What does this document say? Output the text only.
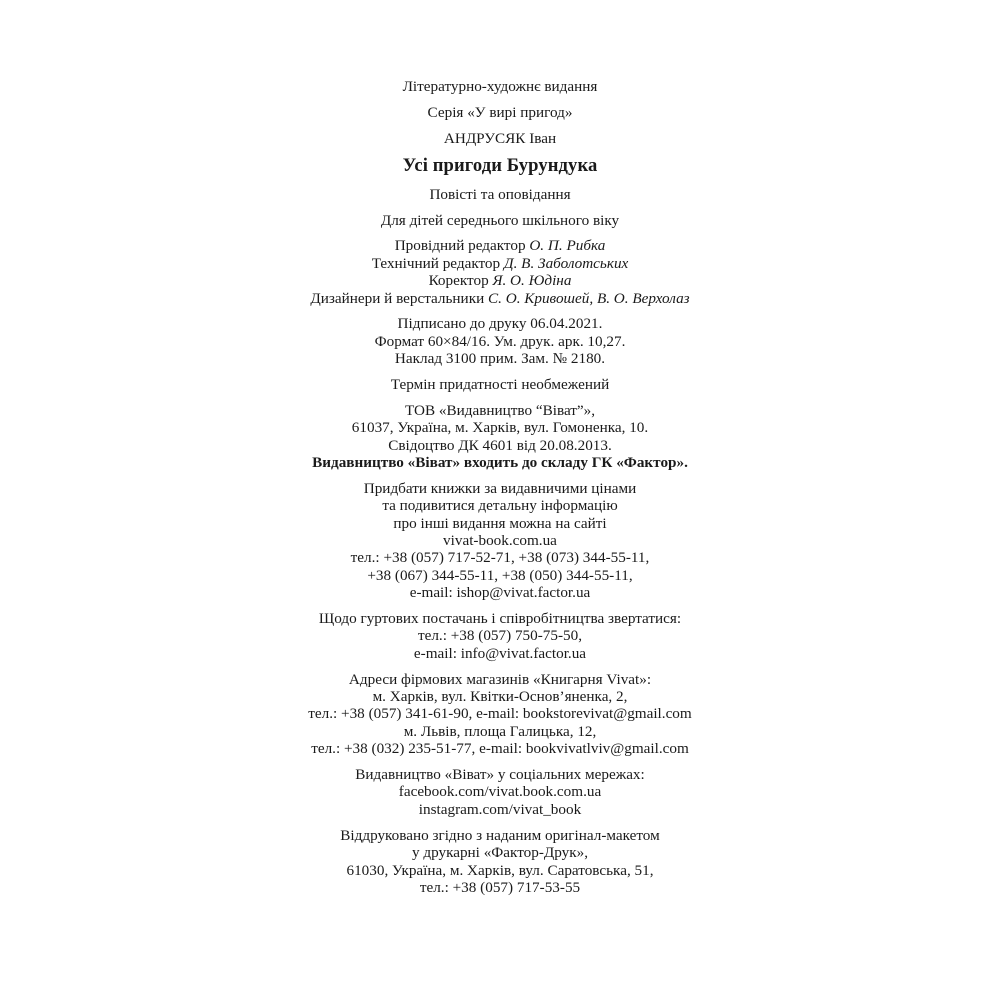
Літературно-художнє видання
Серія «У вирі пригод»
АНДРУСЯК Іван
Усі пригоди Бурундука
Повісті та оповідання
Для дітей середнього шкільного віку
Провідний редактор О. П. Рибка
Технічний редактор Д. В. Заболотських
Коректор Я. О. Юдіна
Дизайнери й верстальники С. О. Кривошей, В. О. Верхолаз
Підписано до друку 06.04.2021.
Формат 60×84/16. Ум. друк. арк. 10,27.
Наклад 3100 прим. Зам. № 2180.
Термін придатності необмежений
ТОВ «Видавництво “Віват”»,
61037, Україна, м. Харків, вул. Гомоненка, 10.
Свідоцтво ДК 4601 від 20.08.2013.
Видавництво «Віват» входить до складу ГК «Фактор».
Придбати книжки за видавничими цінами
та подивитися детальну інформацію
про інші видання можна на сайті
vivat-book.com.ua
тел.: +38 (057) 717-52-71, +38 (073) 344-55-11,
+38 (067) 344-55-11, +38 (050) 344-55-11,
e-mail: ishop@vivat.factor.ua
Щодо гуртових постачань і співробітництва звертатися:
тел.: +38 (057) 750-75-50,
e-mail: info@vivat.factor.ua
Адреси фірмових магазинів «Книгарня Vivat»:
м. Харків, вул. Квітки-Основ’яненка, 2,
тел.: +38 (057) 341-61-90, e-mail: bookstorevivat@gmail.com
м. Львів, площа Галицька, 12,
тел.: +38 (032) 235-51-77, e-mail: bookvivatlviv@gmail.com
Видавництво «Віват» у соціальних мережах:
facebook.com/vivat.book.com.ua
instagram.com/vivat_book
Віддруковано згідно з наданим оригінал-макетом
у друкарні «Фактор-Друк»,
61030, Україна, м. Харків, вул. Саратовська, 51,
тел.: +38 (057) 717-53-55
